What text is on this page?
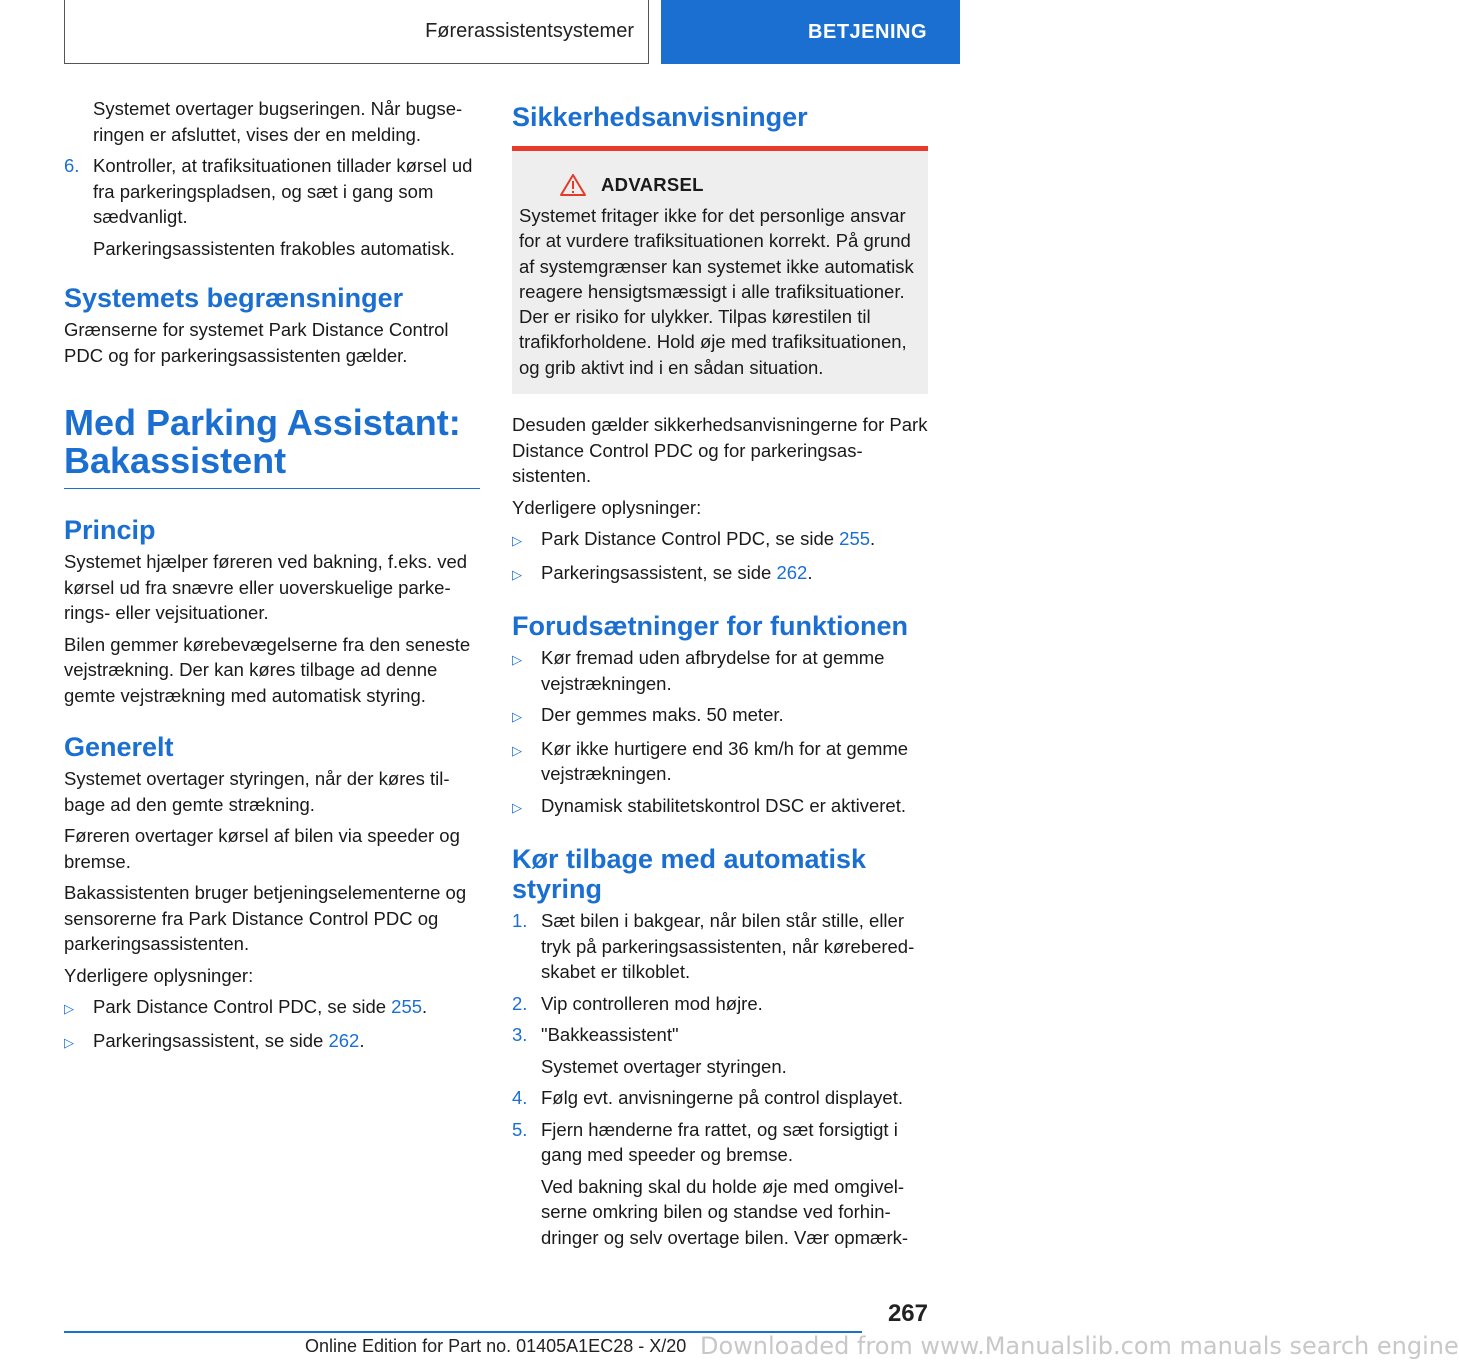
Førerassistentsystemer	BETJENING

Systemet overtager bugseringen. Når bugseringen er afsluttet, vises der en melding.

6. Kontroller, at trafiksituationen tillader kørsel ud fra parkeringspladsen, og sæt i gang som sædvanligt.

Parkeringsassistenten frakobles automatisk.

Systemets begrænsninger

Grænserne for systemet Park Distance Control PDC og for parkeringsassistenten gælder.

Med Parking Assistant:
Bakassistent
Princip

Systemet hjælper føreren ved bakning, f.eks. ved kørsel ud fra snævre eller uoverskuelige parkerings- eller vejsituationer.

Bilen gemmer kørebevægelserne fra den seneste vejstrækning. Der kan køres tilbage ad denne gemte vejstrækning med automatisk styring.

Generelt

Systemet overtager styringen, når der køres tilbage ad den gemte strækning.

Føreren overtager kørsel af bilen via speeder og bremse.

Bakassistenten bruger betjeningselementerne og sensorerne fra Park Distance Control PDC og parkeringsassistenten.

Yderligere oplysninger:

▷	Park Distance Control PDC, se side 255.
▷	Parkeringsassistent, se side 262.
Sikkerhedsanvisninger
ADVARSEL

Systemet fritager ikke for det personlige ansvar for at vurdere trafiksituationen korrekt. På grund af systemgrænser kan systemet ikke automatisk reagere hensigtsmæssigt i alle trafiksituationer. Der er risiko for ulykker. Tilpas kørestilen til trafikforholdene. Hold øje med trafiksituationen, og grib aktivt ind i en sådan situation.

Desuden gælder sikkerhedsanvisningerne for Park Distance Control PDC og for parkeringsassistenten.

Yderligere oplysninger:

▷	Park Distance Control PDC, se side 255.
▷	Parkeringsassistent, se side 262.
Forudsætninger for funktionen
▷	Kør fremad uden afbrydelse for at gemme vejstrækningen.
▷	Der gemmes maks. 50 meter.
▷	Kør ikke hurtigere end 36 km/h for at gemme vejstrækningen.
▷	Dynamisk stabilitetskontrol DSC er aktiveret.
Kør tilbage med automatisk styring
1. Sæt bilen i bakgear, når bilen står stille, eller tryk på parkeringsassistenten, når køreberedskabet er tilkoblet.
2. Vip controlleren mod højre.
3. "Bakkeassistent"

Systemet overtager styringen.

4. Følg evt. anvisningerne på control displayet.
5. Fjern hænderne fra rattet, og sæt forsigtigt i gang med speeder og bremse.

Ved bakning skal du holde øje med omgivelserne omkring bilen og standse ved forhindringer og selv overtage bilen. Vær opmærk-

267
Online Edition for Part no. 01405A1EC28 - X/20 Downloaded from www.Manualslib.com manuals search engine
